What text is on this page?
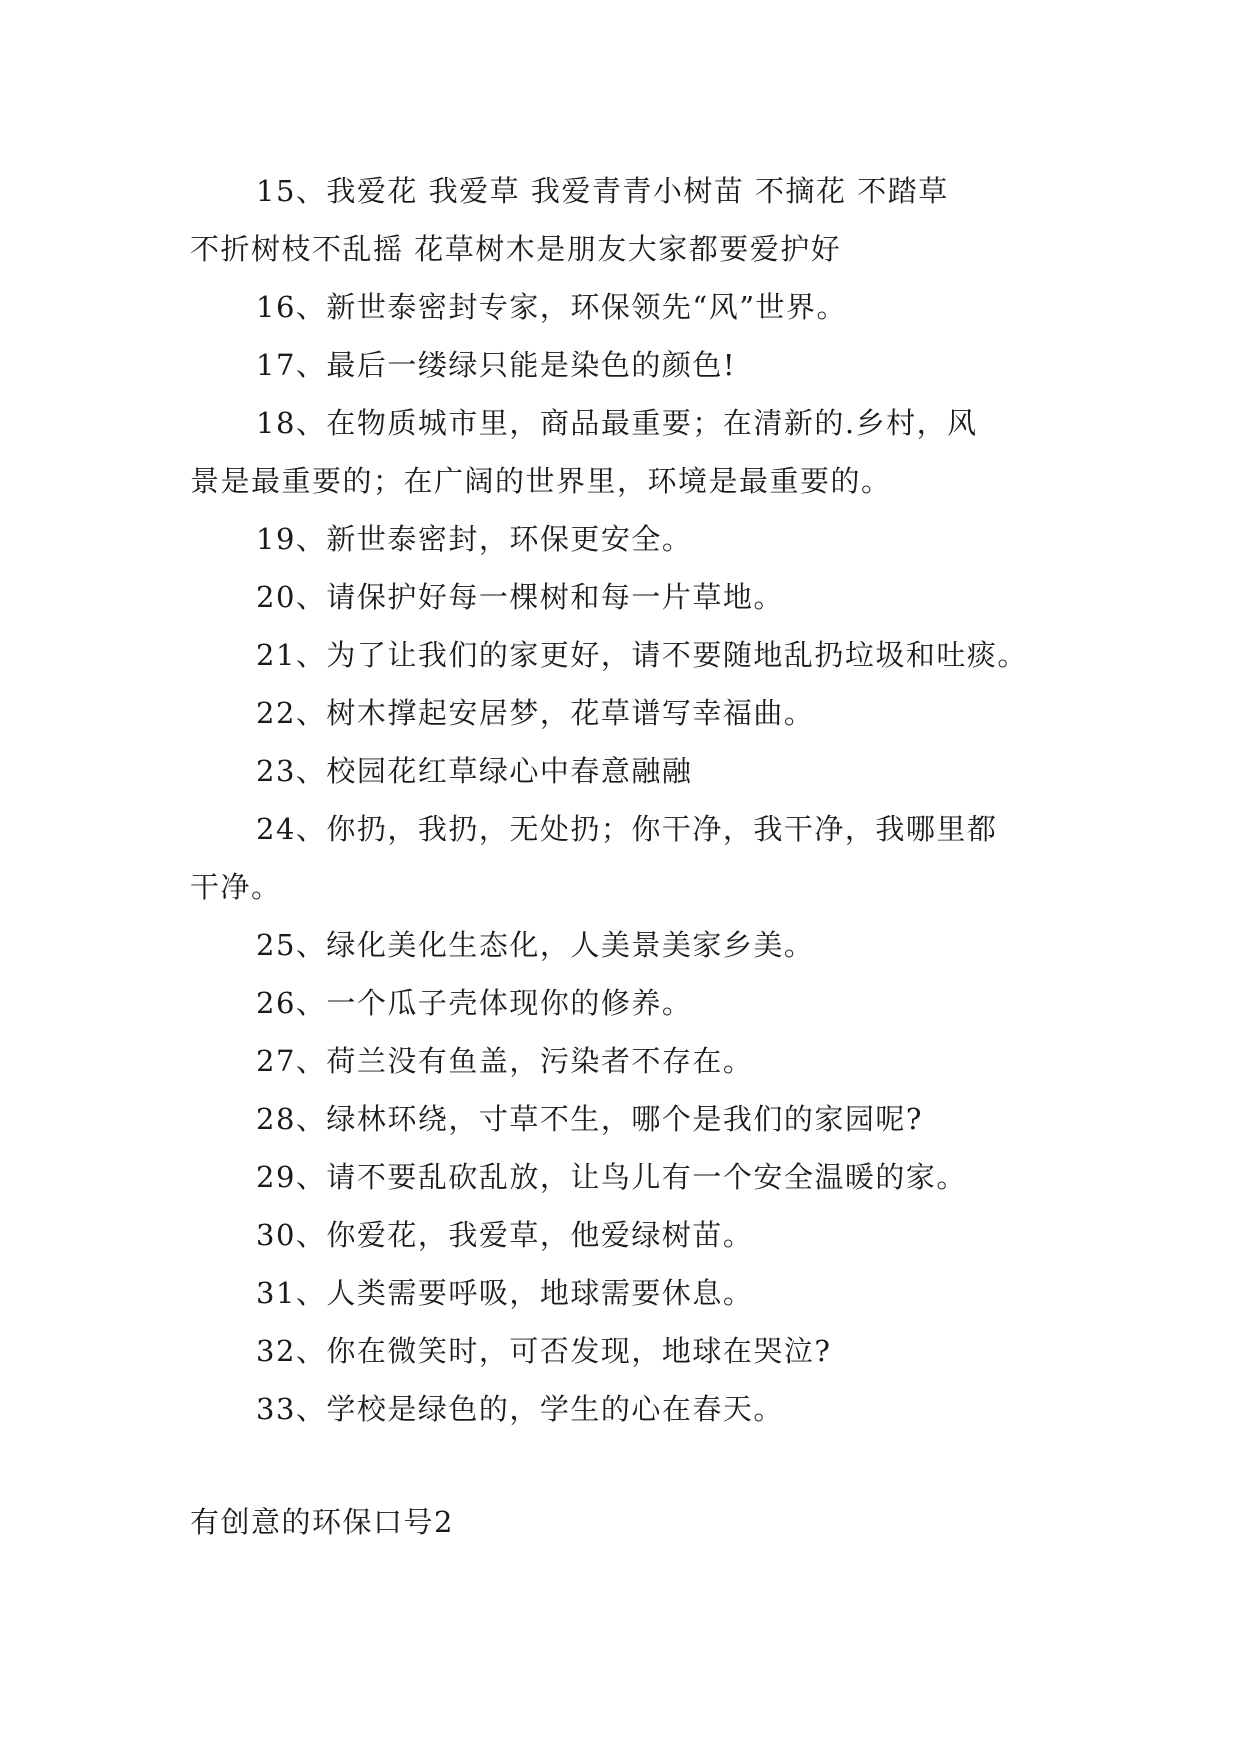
15、我爱花 我爱草 我爱青青小树苗 不摘花 不踏草
不折树枝不乱摇 花草树木是朋友大家都要爱护好

16、新世泰密封专家，环保领先“风”世界。

17、最后一缕绿只能是染色的颜色!

18、在物质城市里，商品最重要；在清新的.乡村，风
景是最重要的；在广阔的世界里，环境是最重要的。

19、新世泰密封，环保更安全。

20、请保护好每一棵树和每一片草地。

21、为了让我们的家更好，请不要随地乱扔垃圾和吐痰。

22、树木撑起安居梦，花草谱写幸福曲。

23、校园花红草绿心中春意融融

24、你扔，我扔，无处扔；你干净，我干净，我哪里都
干净。

25、绿化美化生态化，人美景美家乡美。

26、一个瓜子壳体现你的修养。

27、荷兰没有鱼盖，污染者不存在。

28、绿林环绕，寸草不生，哪个是我们的家园呢?

29、请不要乱砍乱放，让鸟儿有一个安全温暖的家。

30、你爱花，我爱草，他爱绿树苗。

31、人类需要呼吸，地球需要休息。

32、你在微笑时，可否发现，地球在哭泣?

33、学校是绿色的，学生的心在春天。

有创意的环保口号2
